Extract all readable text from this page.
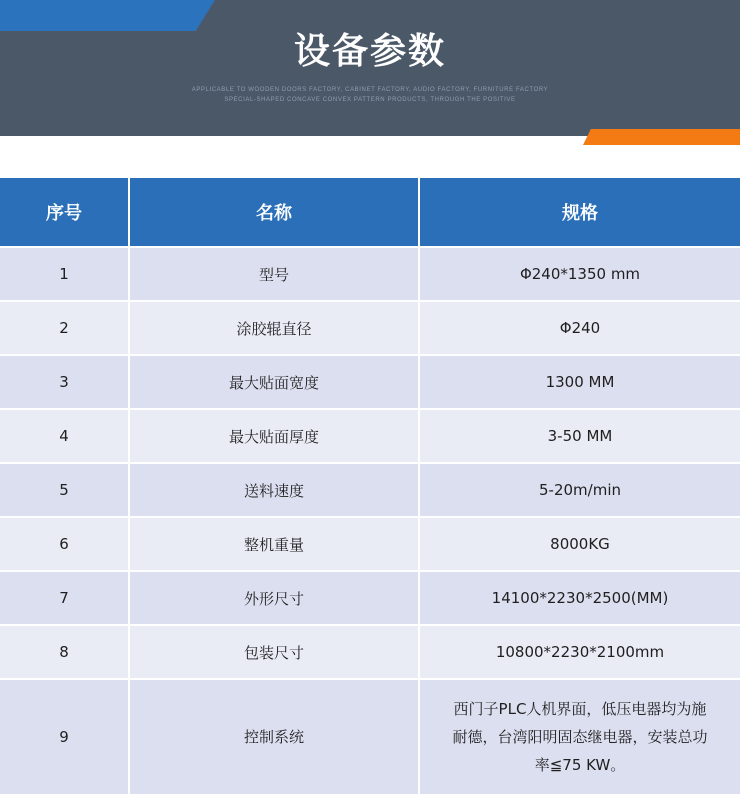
设备参数
APPLICABLE TO WOODEN DOORS FACTORY, CABINET FACTORY, AUDIO FACTORY, FURNITURE FACTORY
SPECIAL-SHAPED CONCAVE CONVEX PATTERN PRODUCTS, THROUGH THE POSITIVE
序号	名称	规格
1	型号	Φ240*1350 mm
2	涂胶辊直径	Φ240
3	最大贴面宽度	1300 MM
4	最大贴面厚度	3-50 MM
5	送料速度	5-20m/min
6	整机重量	8000KG
7	外形尺寸	14100*2230*2500(MM)
8	包装尺寸	10800*2230*2100mm
9	控制系统	西门子PLC人机界面，低压电器均为施耐德，台湾阳明固态继电器，安装总功率≦75 KW。
